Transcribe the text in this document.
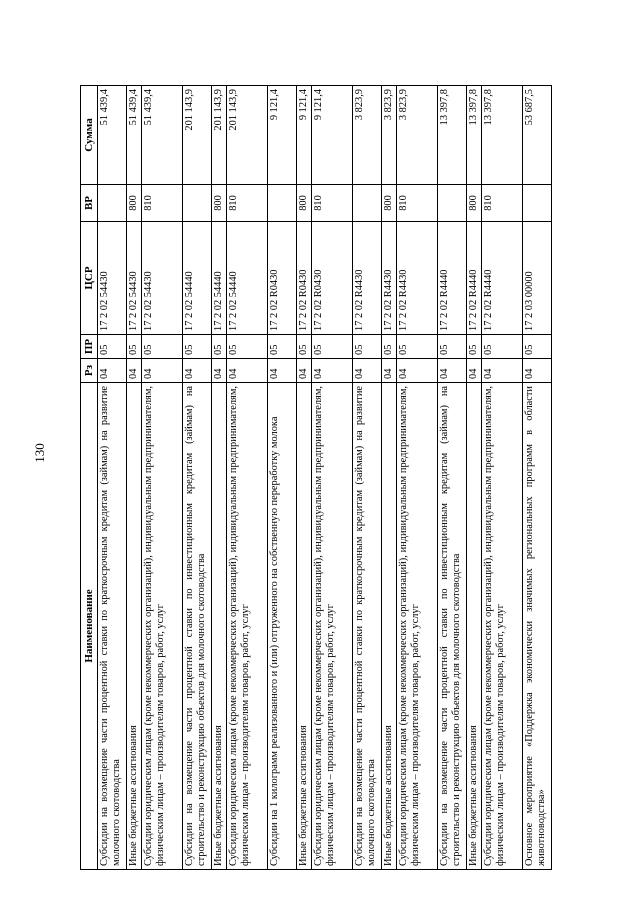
130
Наименование	Рз	ПР	ЦСР	ВР	Сумма
Субсидии на возмещение части процентной ставки по краткосрочным кредитам (займам) на развитие молочного скотоводства	04	05	17 2 02 54430		51 439,4
Иные бюджетные ассигнования	04	05	17 2 02 54430	800	51 439,4
Субсидии юридическим лицам (кроме некоммерческих организаций), индивидуальным предпринимателям, физическим лицам – производителям товаров, работ, услуг	04	05	17 2 02 54430	810	51 439,4
Субсидии на возмещение части процентной ставки по инвестиционным кредитам (займам) на строительство и реконструкцию объектов для молочного скотоводства	04	05	17 2 02 54440		201 143,9
Иные бюджетные ассигнования	04	05	17 2 02 54440	800	201 143,9
Субсидии юридическим лицам (кроме некоммерческих организаций), индивидуальным предпринимателям, физическим лицам – производителям товаров, работ, услуг	04	05	17 2 02 54440	810	201 143,9
Субсидии на 1 килограмм реализованного и (или) отгруженного на собственную переработку молока	04	05	17 2 02 R0430		9 121,4
Иные бюджетные ассигнования	04	05	17 2 02 R0430	800	9 121,4
Субсидии юридическим лицам (кроме некоммерческих организаций), индивидуальным предпринимателям, физическим лицам – производителям товаров, работ, услуг	04	05	17 2 02 R0430	810	9 121,4
Субсидии на возмещение части процентной ставки по краткосрочным кредитам (займам) на развитие молочного скотоводства	04	05	17 2 02 R4430		3 823,9
Иные бюджетные ассигнования	04	05	17 2 02 R4430	800	3 823,9
Субсидии юридическим лицам (кроме некоммерческих организаций), индивидуальным предпринимателям, физическим лицам – производителям товаров, работ, услуг	04	05	17 2 02 R4430	810	3 823,9
Субсидии на возмещение части процентной ставки по инвестиционным кредитам (займам) на строительство и реконструкцию объектов для молочного скотоводства	04	05	17 2 02 R4440		13 397,8
Иные бюджетные ассигнования	04	05	17 2 02 R4440	800	13 397,8
Субсидии юридическим лицам (кроме некоммерческих организаций), индивидуальным предпринимателям, физическим лицам – производителям товаров, работ, услуг	04	05	17 2 02 R4440	810	13 397,8
Основное мероприятие «Поддержка экономически значимых региональных программ в области животноводства»	04	05	17 2 03 00000		53 687,5
